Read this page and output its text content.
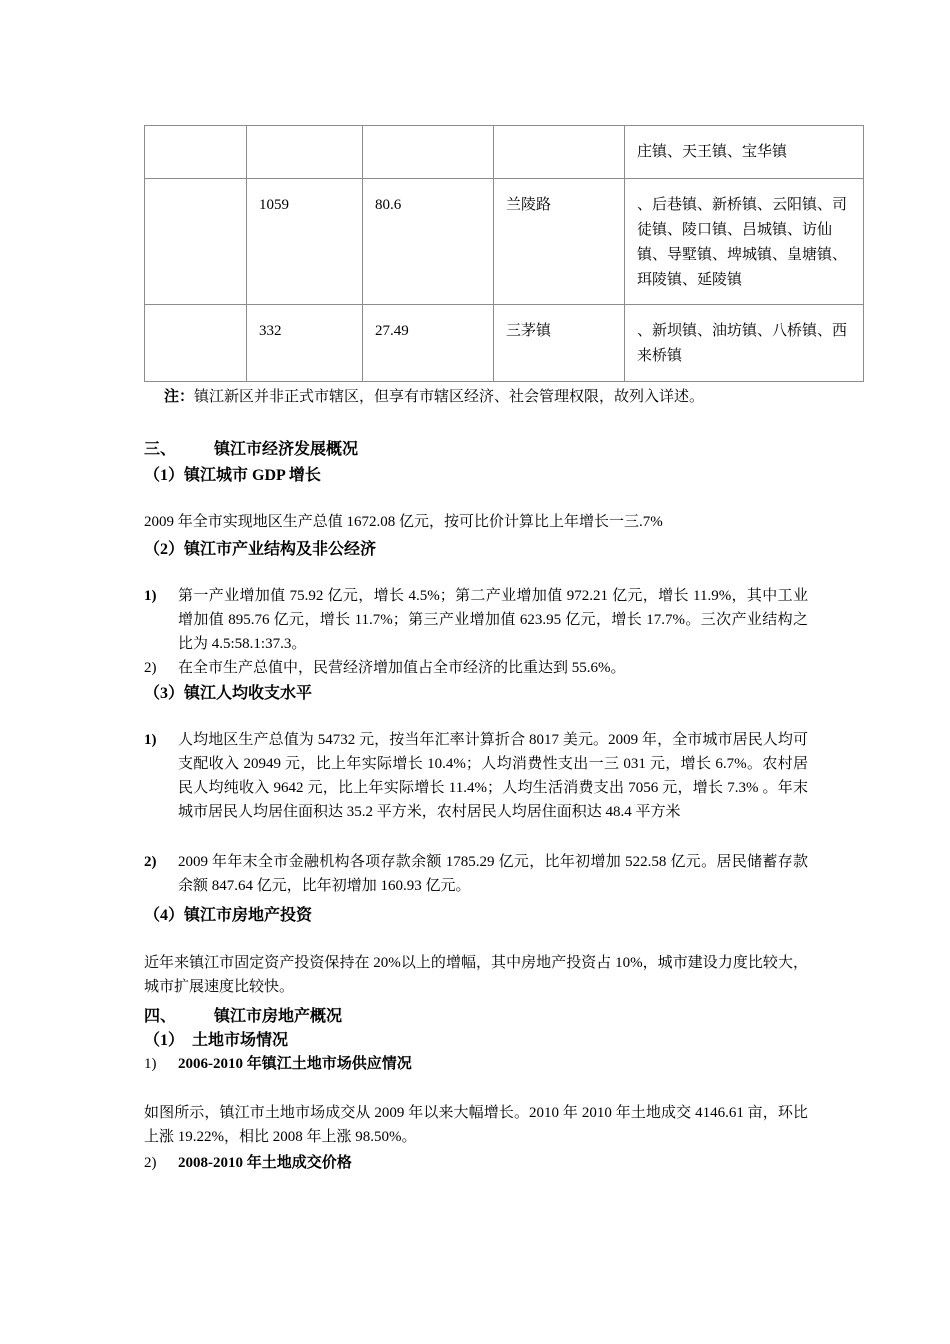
				庄镇、天王镇、宝华镇
	1059	80.6	兰陵路	、后巷镇、新桥镇、云阳镇、司徒镇、陵口镇、吕城镇、访仙镇、导墅镇、埤城镇、皇塘镇、珥陵镇、延陵镇
	332	27.49	三茅镇	、新坝镇、油坊镇、八桥镇、西来桥镇
注：镇江新区并非正式市辖区，但享有市辖区经济、社会管理权限，故列入详述。
三、 镇江市经济发展概况
（1）镇江城市 GDP 增长
2009 年全市实现地区生产总值 1672.08 亿元，按可比价计算比上年增长一三.7%
（2）镇江市产业结构及非公经济
1) 第一产业增加值 75.92 亿元，增长 4.5%；第二产业增加值 972.21 亿元，增长 11.9%，其中工业增加值 895.76 亿元，增长 11.7%；第三产业增加值 623.95 亿元，增长 17.7%。三次产业结构之比为 4.5:58.1:37.3。
2) 在全市生产总值中，民营经济增加值占全市经济的比重达到 55.6%。
（3）镇江人均收支水平
1) 人均地区生产总值为 54732 元，按当年汇率计算折合 8017 美元。2009 年，全市城市居民人均可支配收入 20949 元，比上年实际增长 10.4%；人均消费性支出一三 031 元，增长 6.7%。农村居民人均纯收入 9642 元，比上年实际增长 11.4%；人均生活消费支出 7056 元，增长 7.3% 。年末城市居民人均居住面积达 35.2 平方米，农村居民人均居住面积达 48.4 平方米
2) 2009 年年末全市金融机构各项存款余额 1785.29 亿元，比年初增加 522.58 亿元。居民储蓄存款余额 847.64 亿元，比年初增加 160.93 亿元。
（4）镇江市房地产投资
近年来镇江市固定资产投资保持在 20%以上的增幅，其中房地产投资占 10%，城市建设力度比较大，城市扩展速度比较快。
四、 镇江市房地产概况
（1）　土地市场情况
1) 2006-2010 年镇江土地市场供应情况
如图所示，镇江市土地市场成交从 2009 年以来大幅增长。2010 年 2010 年土地成交 4146.61 亩，环比上涨 19.22%，相比 2008 年上涨 98.50%。
2) 2008-2010 年土地成交价格
